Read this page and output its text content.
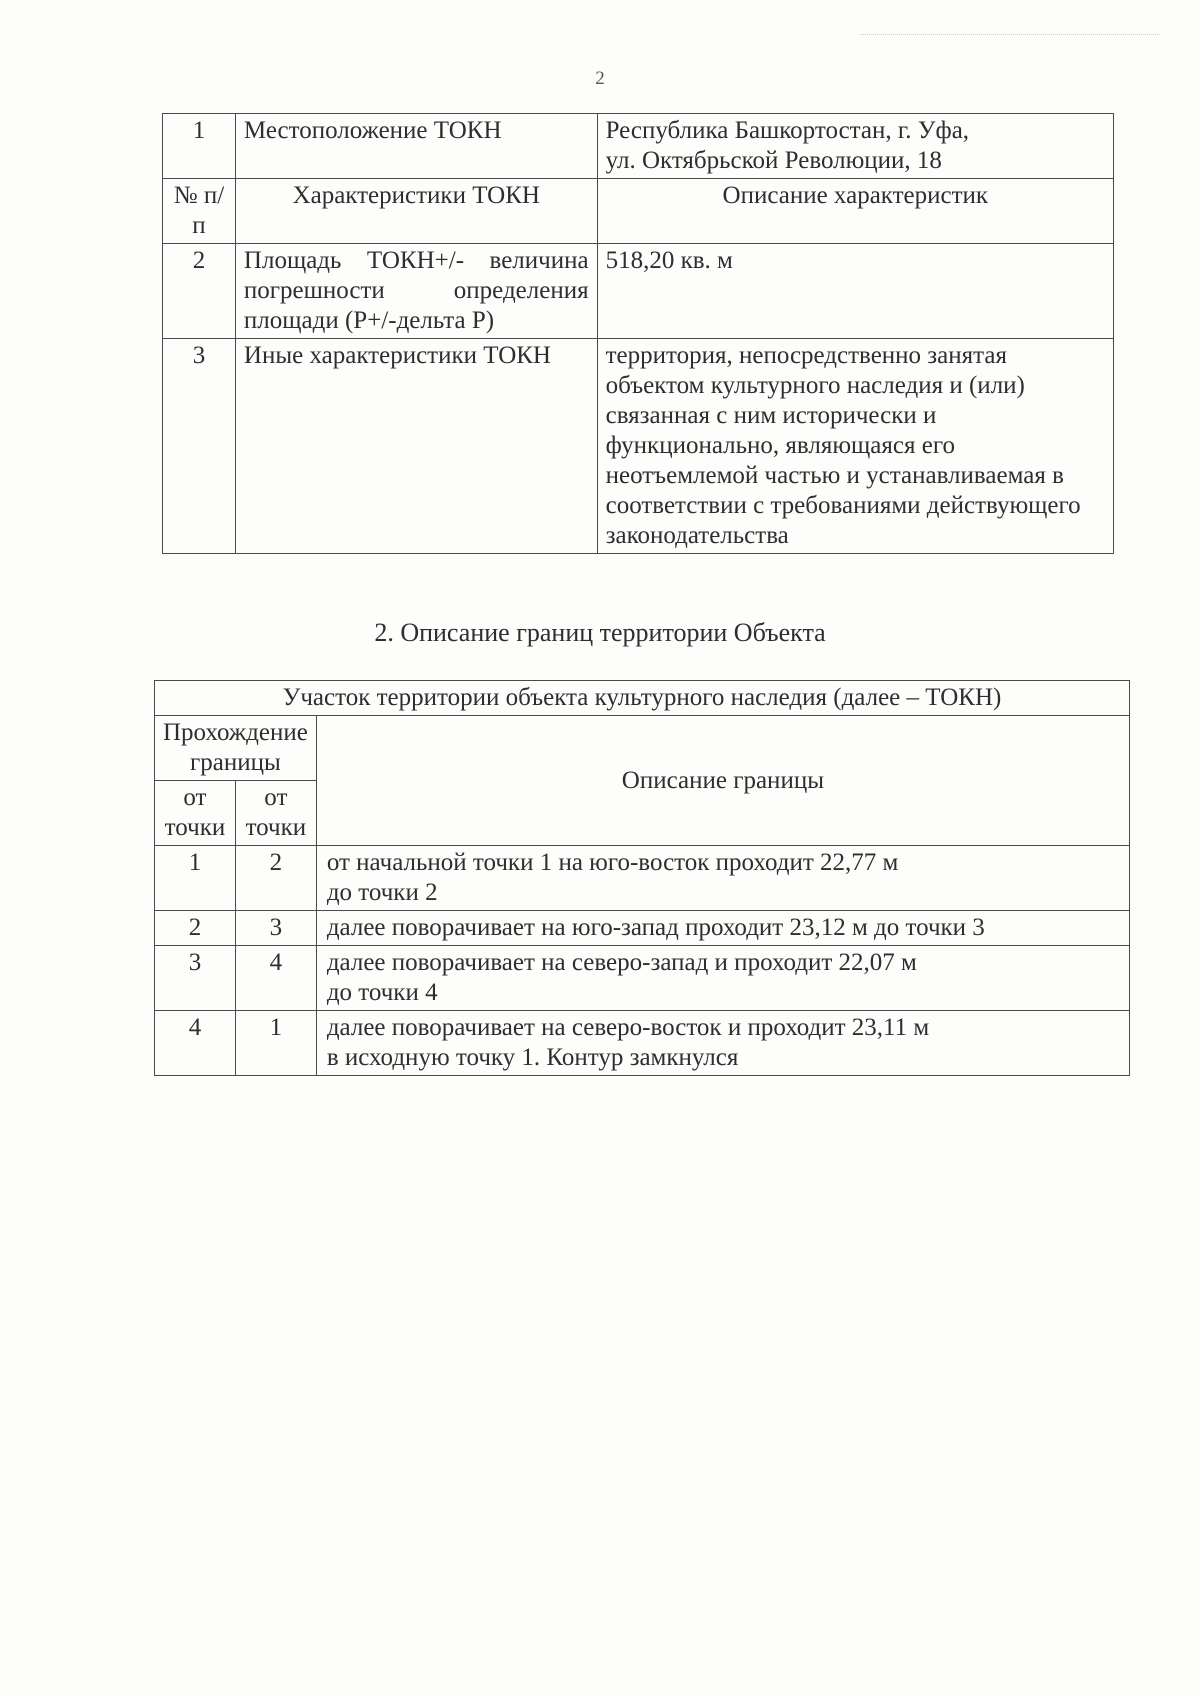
2
1	Местоположение ТОКН	Республика Башкортостан, г. Уфа,
ул. Октябрьской Революции, 18

№ п/п	Характеристики ТОКН	Описание характеристик
2	Площадь ТОКН+/- величина погрешности определения площади (Р+/-дельта Р)	518,20 кв. м
3	Иные характеристики ТОКН	территория, непосредственно занятая объектом культурного наследия и (или) связанная с ним исторически и функционально, являющаяся его неотъемлемой частью и устанавливаемая в соответствии с требованиями действующего законодательства
2. Описание границ территории Объекта
Участок территории объекта культурного наследия (далее – ТОКН)		
Прохождение границы		Описание границы
от точки	от точки	
1	2	от начальной точки 1 на юго-восток проходит 22,77 м
до точки 2

2	3	далее поворачивает на юго-запад проходит 23,12 м до точки 3

3	4	далее поворачивает на северо-запад и проходит 22,07 м
до точки 4

4	1	далее поворачивает на северо-восток и проходит 23,11 м
в исходную точку 1. Контур замкнулся
